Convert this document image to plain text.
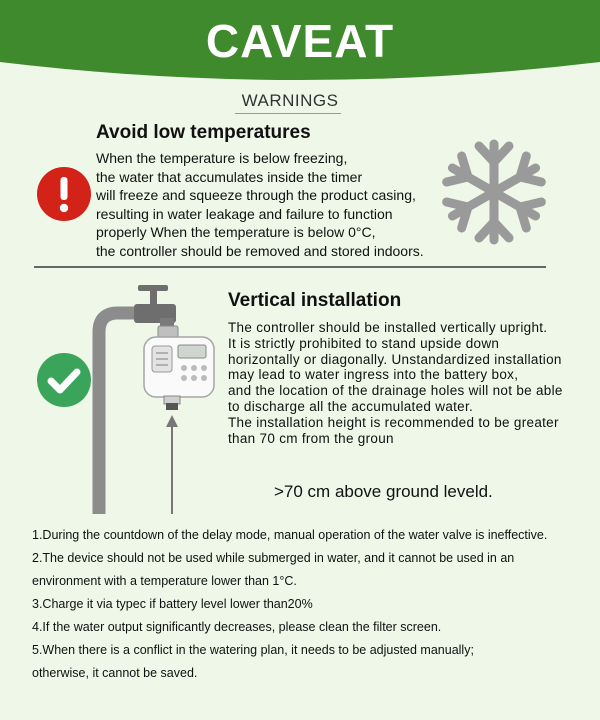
CAVEAT
WARNINGS
Avoid low temperatures
When the temperature is below freezing,
the water that accumulates inside the timer
will freeze and squeeze through the product casing,
resulting in water leakage and failure to function
properly When the temperature is below 0°C,
the controller should be removed and stored indoors.
Vertical installation
The controller should be installed vertically upright.
It is strictly prohibited to stand upside down
horizontally or diagonally. Unstandardized installation
may lead to water ingress into the battery box,
and the location of the drainage holes will not be able
to discharge all the accumulated water.
The installation height is recommended to be greater
than 70 cm from the groun
>70 cm above ground leveld.
1.During the countdown of the delay mode, manual operation of the water valve is ineffective.
2.The device should not be used while submerged in water, and it cannot be used in an
environment with a temperature lower than 1°C.
3.Charge it via typec if battery level lower than20%
4.If the water output significantly decreases, please clean the filter screen.
5.When there is a conflict in the watering plan, it needs to be adjusted manually;
otherwise, it cannot be saved.
